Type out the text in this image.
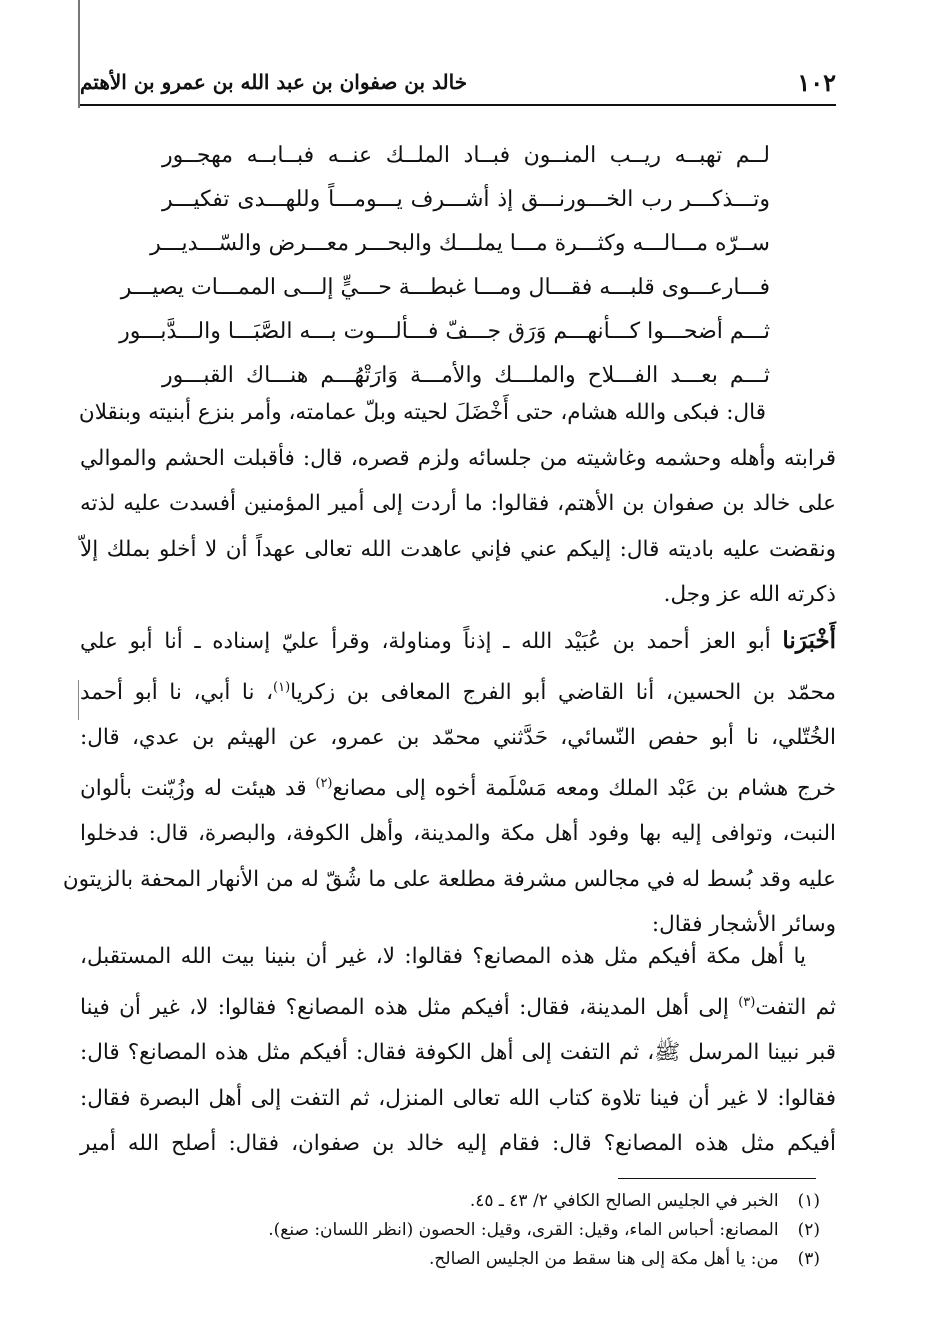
١٠٢
خالد بن صفوان بن عبد الله بن عمرو بن الأهتم
لــم تهبــه ريــب المنــون فبــاد الملــك عنــه فبــابــه مهجــور
وتـــذكـــر رب الخـــورنـــق إذ أشـــرف يـــومـــاً وللهـــدى تفكيـــر
ســرّه مـــالـــه وكثـــرة مـــا يملـــك والبحـــر معـــرض والسّـــديـــر
فـــارعـــوى قلبـــه فقـــال ومـــا غبطـــة حـــيٍّ إلـــى الممـــات يصيـــر
ثـــم أضحـــوا كـــأنهـــم وَرَق جـــفّ فـــألـــوت بـــه الصَّبَـــا والـــدَّبـــور
ثـــم بعـــد الفـــلاح والملـــك والأمـــة وَارَتْهُـــم هنـــاك القبـــور
قال: فبكى والله هشام، حتى أَخْضَلَ لحيته وبلّ عمامته، وأمر بنزع أبنيته وبنقلان
قرابته وأهله وحشمه وغاشيته من جلسائه ولزم قصره، قال: فأقبلت الحشم والموالي
على خالد بن صفوان بن الأهتم، فقالوا: ما أردت إلى أمير المؤمنين أفسدت عليه لذته
ونقضت عليه باديته قال: إليكم عني فإني عاهدت الله تعالى عهداً أن لا أخلو بملك إلاّ
ذكرته الله عز وجل.
أَخْبَرَنا أبو العز أحمد بن عُبَيْد الله ـ إذناً ومناولة، وقرأ عليّ إسناده ـ أنا أبو علي
محمّد بن الحسين، أنا القاضي أبو الفرج المعافى بن زكريا$^{(١)}$، نا أبي، نا أبو أحمد
الخُتّلي، نا أبو حفص النّسائي، حَدَّثني محمّد بن عمرو، عن الهيثم بن عدي، قال:
خرج هشام بن عَبْد الملك ومعه مَسْلَمة أخوه إلى مصانع$^{(٢)}$ قد هيئت له وزُيّنت بألوان
النبت، وتوافى إليه بها وفود أهل مكة والمدينة، وأهل الكوفة، والبصرة، قال: فدخلوا
عليه وقد بُسط له في مجالس مشرفة مطلعة على ما شُقّ له من الأنهار المحفة بالزيتون
وسائر الأشجار فقال:
يا أهل مكة أفيكم مثل هذه المصانع؟ فقالوا: لا، غير أن بنينا بيت الله المستقبل،
ثم التفت$^{(٣)}$ إلى أهل المدينة، فقال: أفيكم مثل هذه المصانع؟ فقالوا: لا، غير أن فينا
قبر نبينا المرسل ﷺ، ثم التفت إلى أهل الكوفة فقال: أفيكم مثل هذه المصانع؟ قال:
فقالوا: لا غير أن فينا تلاوة كتاب الله تعالى المنزل، ثم التفت إلى أهل البصرة فقال:
أفيكم مثل هذه المصانع؟ قال: فقام إليه خالد بن صفوان، فقال: أصلح الله أمير
(١) الخبر في الجليس الصالح الكافي ٢/ ٤٣ ـ ٤٥.
(٢) المصانع: أحباس الماء، وقيل: القرى، وقيل: الحصون (انظر اللسان: صنع).
(٣) من: يا أهل مكة إلى هنا سقط من الجليس الصالح.
